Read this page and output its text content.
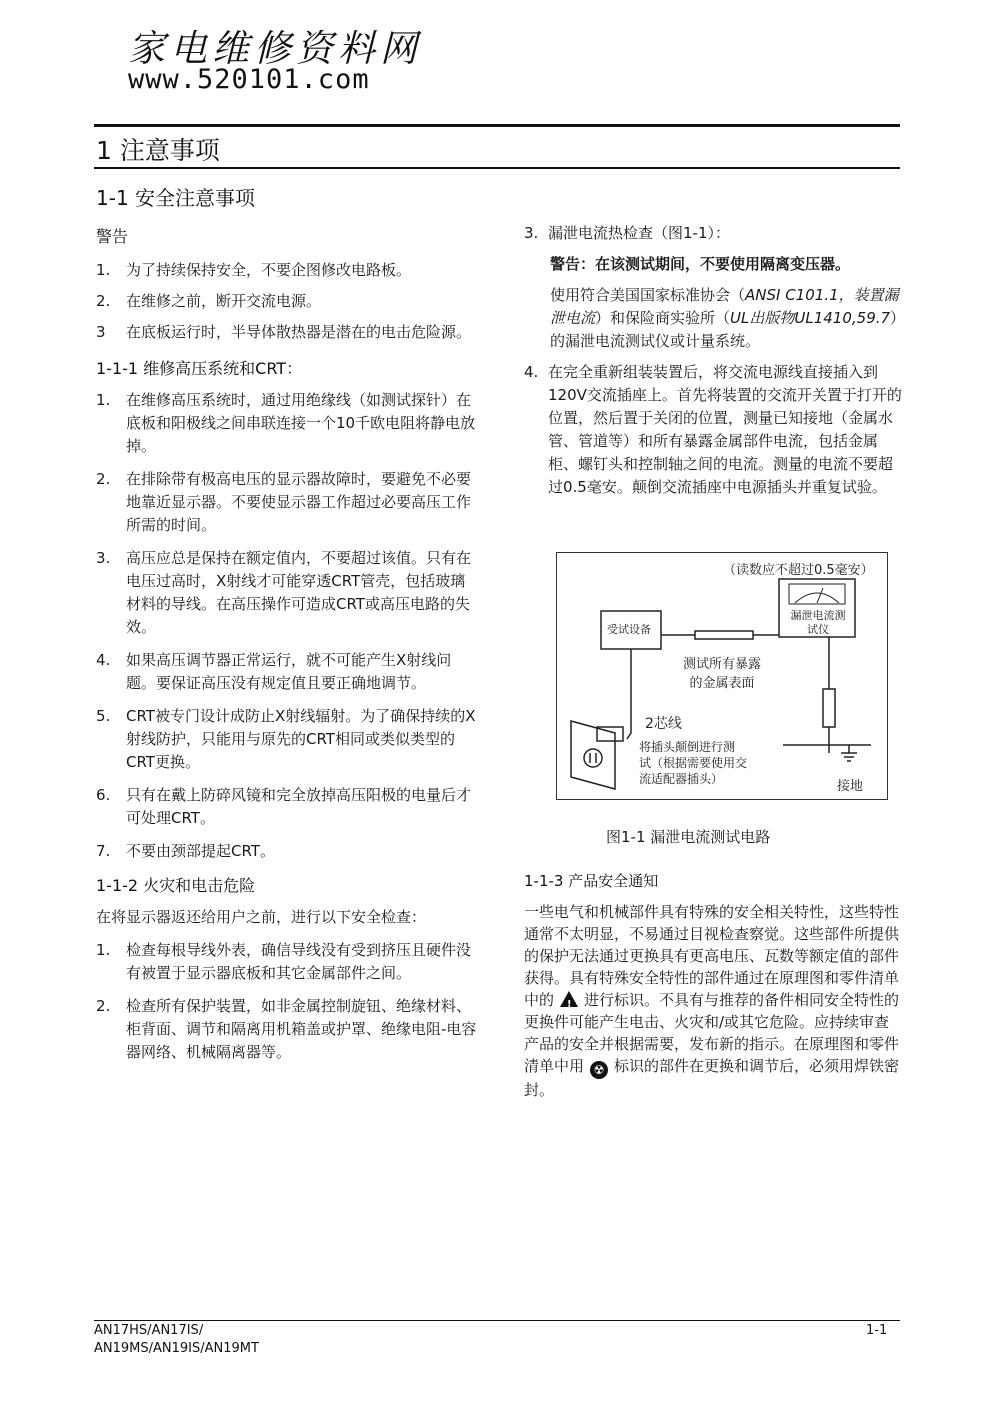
家电维修资料网
www.520101.com
1 注意事项
1-1 安全注意事项
警告
1.	为了持续保持安全，不要企图修改电路板。
2.	在维修之前，断开交流电源。
3	在底板运行时，半导体散热器是潜在的电击危险源。
1-1-1 维修高压系统和CRT：
1.	在维修高压系统时，通过用绝缘线（如测试探针）在底板和阳极线之间串联连接一个10千欧电阻将静电放掉。
2.	在排除带有极高电压的显示器故障时，要避免不必要地靠近显示器。不要使显示器工作超过必要高压工作所需的时间。
3.	高压应总是保持在额定值内，不要超过该值。只有在电压过高时，X射线才可能穿透CRT管壳，包括玻璃材料的导线。在高压操作可造成CRT或高压电路的失效。
4.	如果高压调节器正常运行，就不可能产生X射线问题。要保证高压没有规定值且要正确地调节。
5.	CRT被专门设计成防止X射线辐射。为了确保持续的X射线防护，只能用与原先的CRT相同或类似类型的CRT更换。
6.	只有在戴上防碎风镜和完全放掉高压阳极的电量后才可处理CRT。
7.	不要由颈部提起CRT。
1-1-2 火灾和电击危险
在将显示器返还给用户之前，进行以下安全检查：
1.	检查每根导线外表，确信导线没有受到挤压且硬件没有被置于显示器底板和其它金属部件之间。
2.	检查所有保护装置，如非金属控制旋钮、绝缘材料、柜背面、调节和隔离用机箱盖或护罩、绝缘电阻-电容器网络、机械隔离器等。
3. 漏泄电流热检查（图1-1）：
警告：在该测试期间，不要使用隔离变压器。
使用符合美国国家标准协会（ANSI C101.1，装置漏泄电流）和保险商实验所（UL出版物UL1410,59.7）的漏泄电流测试仪或计量系统。
4. 在完全重新组装装置后，将交流电源线直接插入到120V交流插座上。首先将装置的交流开关置于打开的位置，然后置于关闭的位置，测量已知接地（金属水管、管道等）和所有暴露金属部件电流，包括金属柜、螺钉头和控制轴之间的电流。测量的电流不要超过0.5毫安。颠倒交流插座中电源插头并重复试验。
（读数应不超过0.5毫安）
漏泄电流测
试仪
受试设备
测试所有暴露
的金属表面
2芯线
将插头颠倒进行测
试（根据需要使用交
流适配器插头）	接地
图1-1 漏泄电流测试电路
1-1-3 产品安全通知
一些电气和机械部件具有特殊的安全相关特性，这些特性通常不太明显，不易通过目视检查察觉。这些部件所提供的保护无法通过更换具有更高电压、瓦数等额定值的部件获得。具有特殊安全特性的部件通过在原理图和零件清单中的! 进行标识。不具有与推荐的备件相同安全特性的更换件可能产生电击、火灾和/或其它危险。应持续审查产品的安全并根据需要，发布新的指示。在原理图和零件清单中用 ☢ 标识的部件在更换和调节后，必须用焊铁密封。
AN17HS/AN17IS/
AN19MS/AN19IS/AN19MT
1-1
